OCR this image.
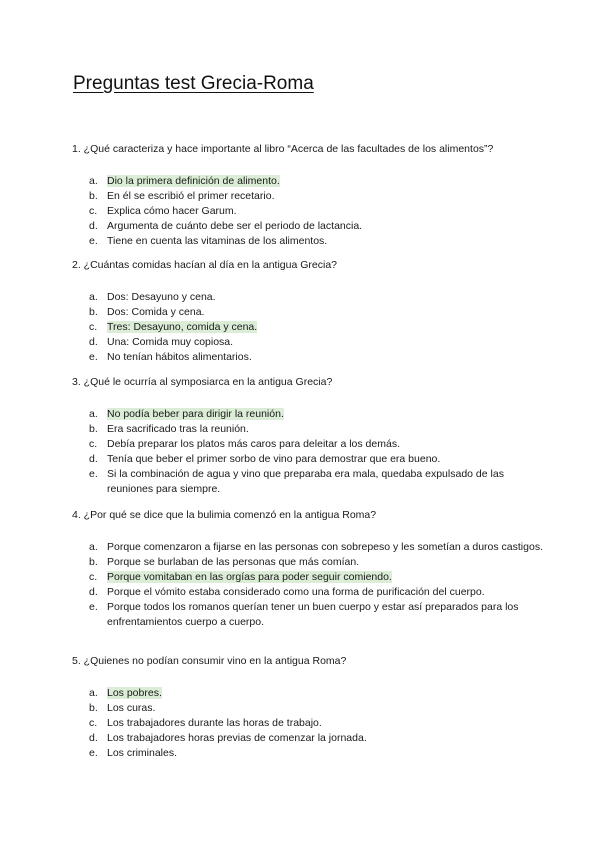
Preguntas test Grecia-Roma

1. ¿Qué caracteriza y hace importante al libro “Acerca de las facultades de los alimentos”?

a. Dio la primera definición de alimento.
b. En él se escribió el primer recetario.
c. Explica cómo hacer Garum.
d. Argumenta de cuánto debe ser el periodo de lactancia.
e. Tiene en cuenta las vitaminas de los alimentos.

2. ¿Cuántas comidas hacían al día en la antigua Grecia?

a. Dos: Desayuno y cena.
b. Dos: Comida y cena.
c. Tres: Desayuno, comida y cena.
d. Una: Comida muy copiosa.
e. No tenían hábitos alimentarios.

3. ¿Qué le ocurría al symposiarca en la antigua Grecia?

a. No podía beber para dirigir la reunión.
b. Era sacrificado tras la reunión.
c. Debía preparar los platos más caros para deleitar a los demás.
d. Tenía que beber el primer sorbo de vino para demostrar que era bueno.
e. Si la combinación de agua y vino que preparaba era mala, quedaba expulsado de las reuniones para siempre.

4. ¿Por qué se dice que la bulimia comenzó en la antigua Roma?

a. Porque comenzaron a fijarse en las personas con sobrepeso y les sometían a duros castigos.
b. Porque se burlaban de las personas que más comían.
c. Porque vomitaban en las orgías para poder seguir comiendo.
d. Porque el vómito estaba considerado como una forma de purificación del cuerpo.
e. Porque todos los romanos querían tener un buen cuerpo y estar así preparados para los enfrentamientos cuerpo a cuerpo.

5. ¿Quienes no podían consumir vino en la antigua Roma?

a. Los pobres.
b. Los curas.
c. Los trabajadores durante las horas de trabajo.
d. Los trabajadores horas previas de comenzar la jornada.
e. Los criminales.
